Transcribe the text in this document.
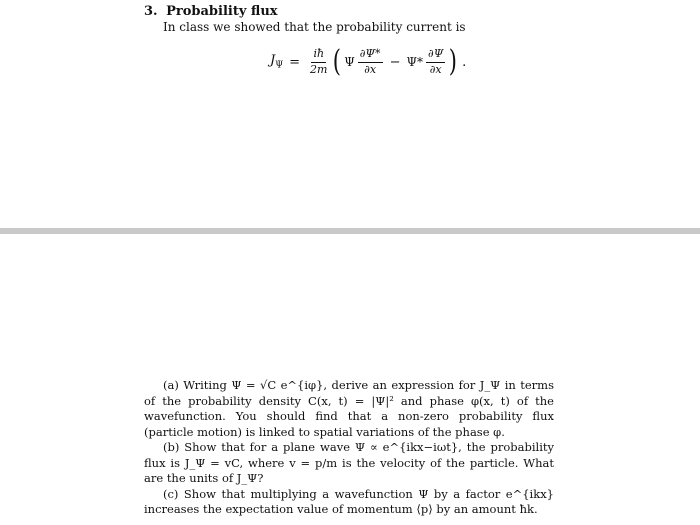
3. Probability flux
In class we showed that the probability current is
$J_\Psi = \frac{iħ}{2m}$ ( Ψ $\frac{\partial\Psi*}{\partial x} - \Psi* \frac{\partial\Psi}{\partial x}$ ) .

(a) Writing Ψ = √C e^{iφ}, derive an expression for J_Ψ in terms of the probability density C(x, t) = |Ψ|² and phase φ(x, t) of the wavefunction. You should find that a non-zero probability flux (particle motion) is linked to spatial variations of the phase φ.

(b) Show that for a plane wave Ψ ∝ e^{ikx−iωt}, the probability flux is J_Ψ = vC, where v = p/m is the velocity of the particle. What are the units of J_Ψ?

(c) Show that multiplying a wavefunction Ψ by a factor e^{ikx} increases the expectation value of momentum ⟨p⟩ by an amount ħk.
